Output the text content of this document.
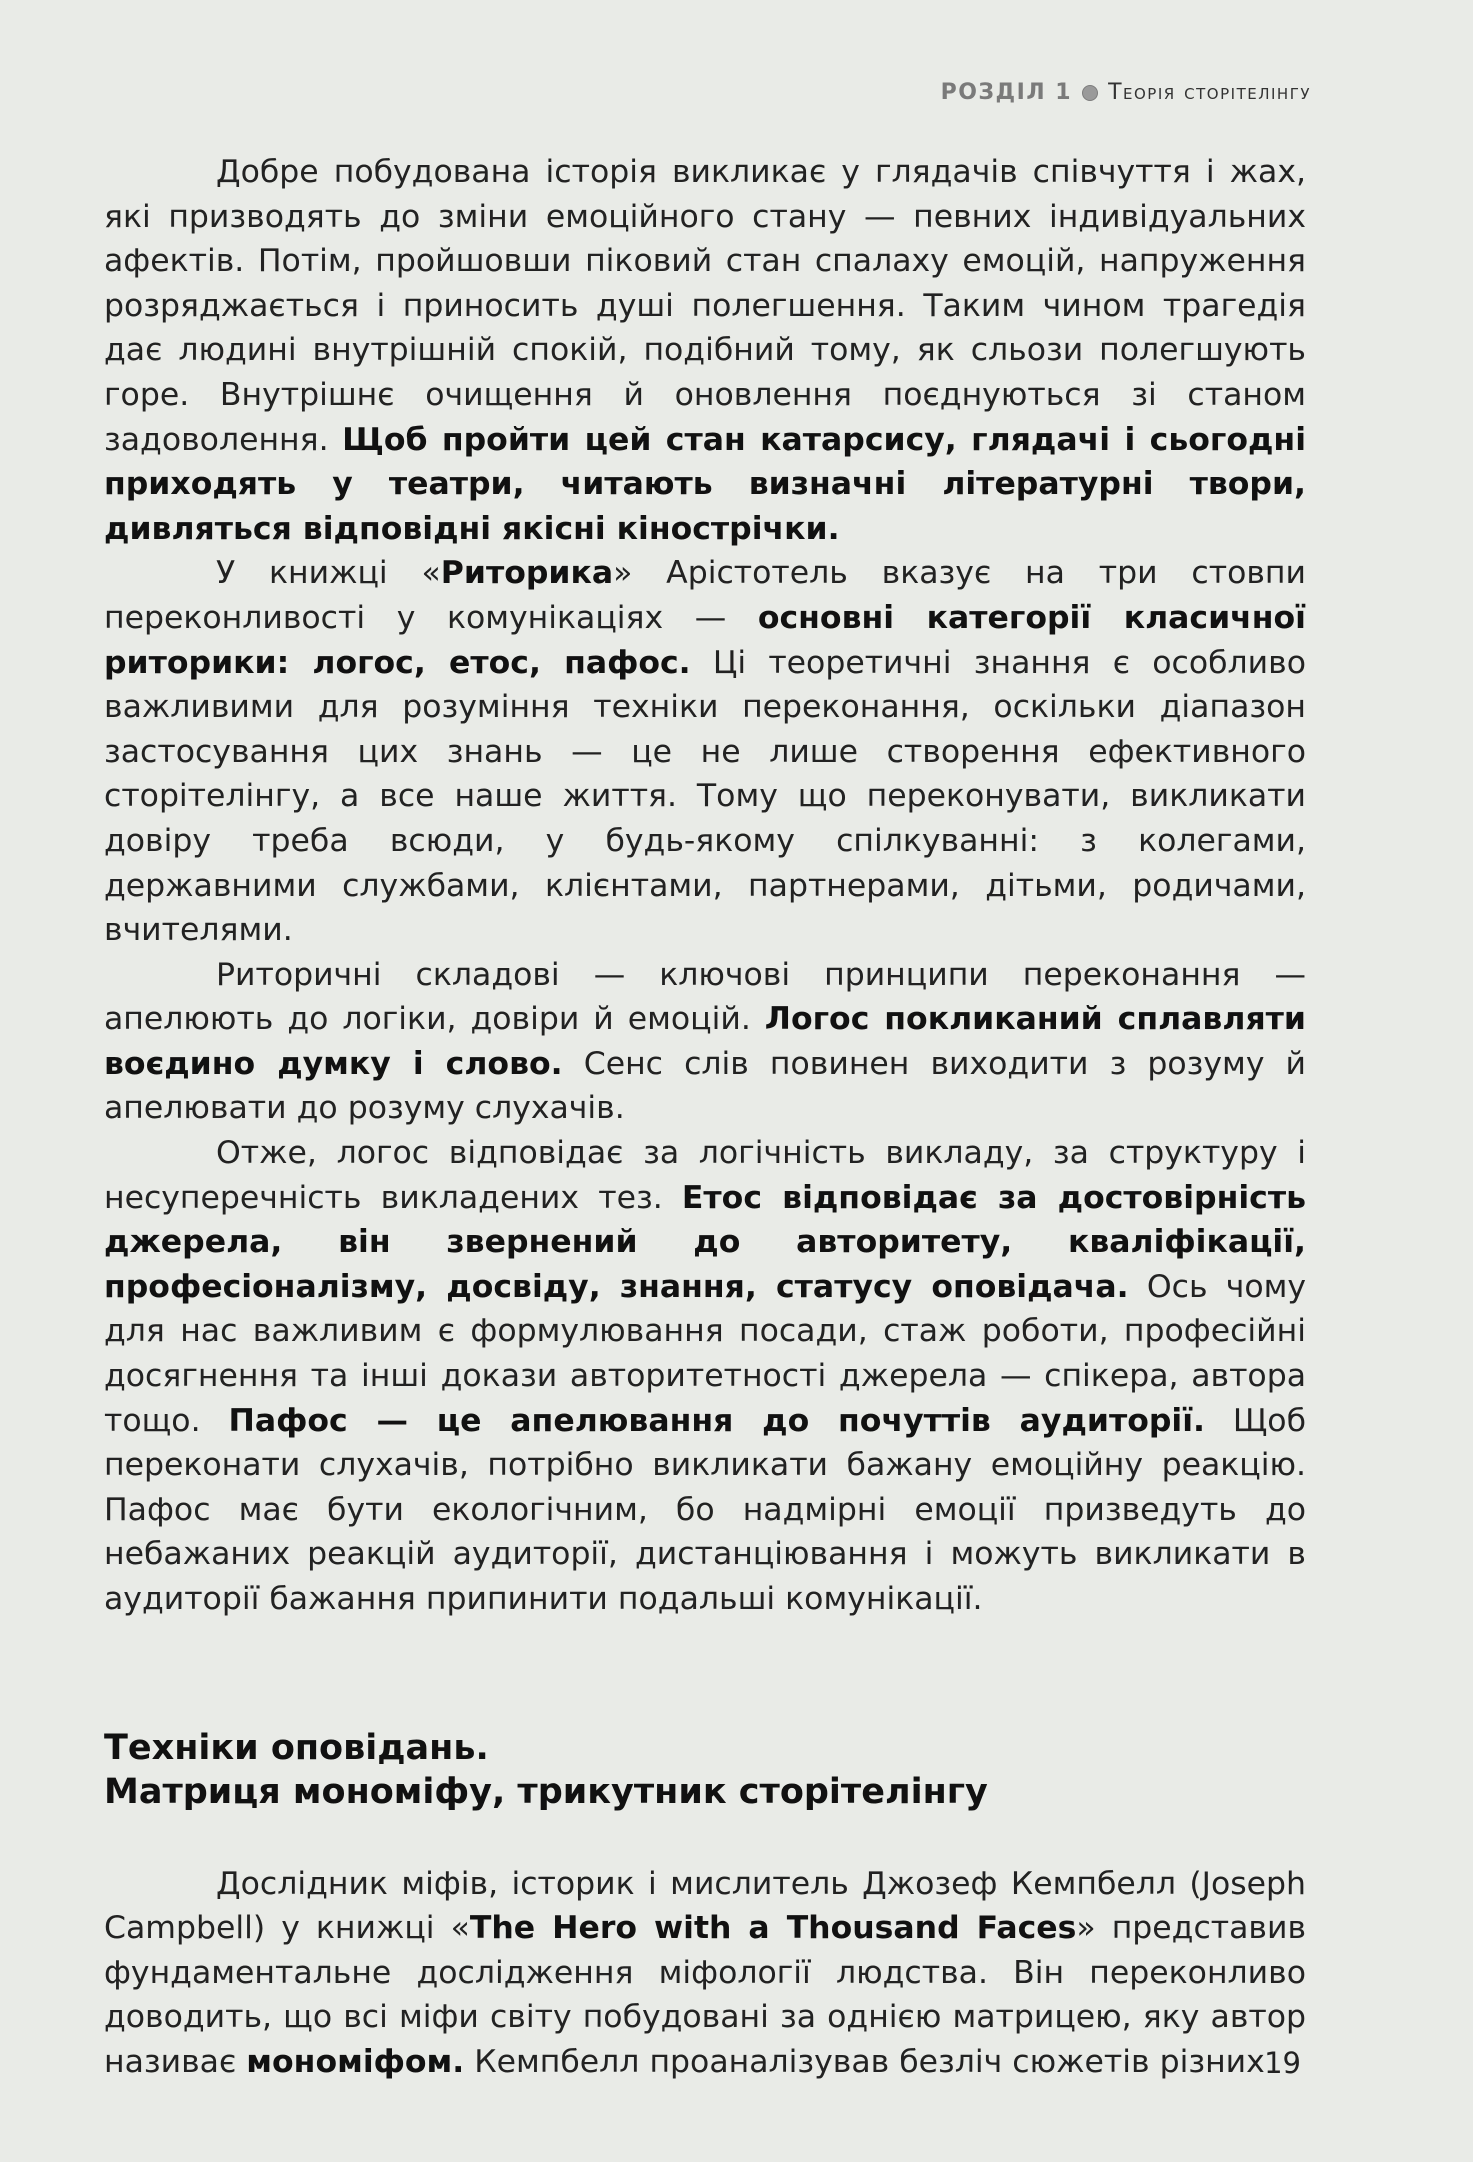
РОЗДІЛ 1 Теорія сторітелінгу

Добре побудована історія викликає у глядачів співчуття і жах, які призводять до зміни емоційного стану — певних індивідуальних афектів. Потім, пройшовши піковий стан спалаху емоцій, напруження розряджається і приносить душі полегшення. Таким чином трагедія дає людині внутрішній спокій, подібний тому, як сльози полегшують горе. Внутрішнє очищення й оновлення поєднуються зі станом задоволення. Щоб пройти цей стан катарсису, глядачі і сьогодні приходять у театри, читають визначні літературні твори, дивляться відповідні якісні кінострічки.

У книжці «Риторика» Арістотель вказує на три стовпи переконливості у комунікаціях — основні категорії класичної риторики: логос, етос, пафос. Ці теоретичні знання є особливо важливими для розуміння техніки переконання, оскільки діапазон застосування цих знань — це не лише створення ефективного сторітелінгу, а все наше життя. Тому що переконувати, викликати довіру треба всюди, у будь-якому спілкуванні: з колегами, державними службами, клієнтами, партнерами, дітьми, родичами, вчителями.

Риторичні складові — ключові принципи переконання — апелюють до логіки, довіри й емоцій. Логос покликаний сплавляти воєдино думку і слово. Сенс слів повинен виходити з розуму й апелювати до розуму слухачів.

Отже, логос відповідає за логічність викладу, за структуру і несуперечність викладених тез. Етос відповідає за достовірність джерела, він звернений до авторитету, кваліфікації, професіоналізму, досвіду, знання, статусу оповідача. Ось чому для нас важливим є формулювання посади, стаж роботи, професійні досягнення та інші докази авторитетності джерела — спікера, автора тощо. Пафос — це апелювання до почуттів аудиторії. Щоб переконати слухачів, потрібно викликати бажану емоційну реакцію. Пафос має бути екологічним, бо надмірні емоції призведуть до небажаних реакцій аудиторії, дистанціювання і можуть викликати в аудиторії бажання припинити подальші комунікації.

Техніки оповідань.
Матриця мономіфу, трикутник сторітелінгу

Дослідник міфів, історик і мислитель Джозеф Кемпбелл (Joseph Campbell) у книжці «The Hero with a Thousand Faces» представив фундаментальне дослідження міфології людства. Він переконливо доводить, що всі міфи світу побудовані за однією матрицею, яку автор називає мономіфом. Кемпбелл проаналізував безліч сюжетів різних 19
